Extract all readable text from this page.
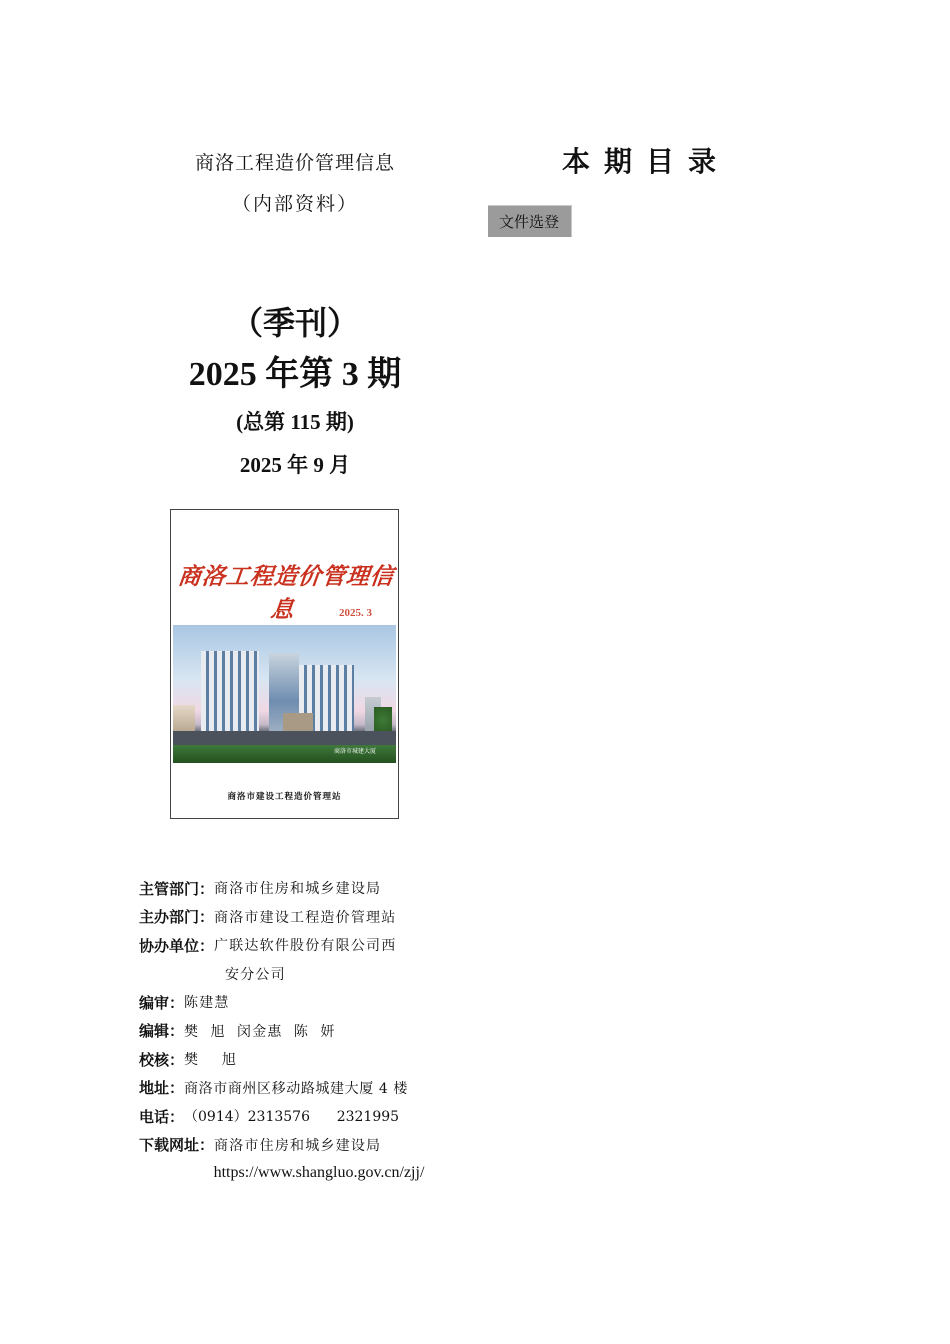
商洛工程造价管理信息
（内部资料）
（季刊）
2025 年第 3 期
(总第 115 期)
2025 年 9 月
商洛工程造价管理信息	2025. 3
商洛市城建大厦
商洛市建设工程造价管理站
主管部门： 商洛市住房和城乡建设局
主办部门： 商洛市建设工程造价管理站
协办单位： 广联达软件股份有限公司西
安分公司
编审： 陈建慧
编辑： 樊  旭  闵金惠  陈  妍
校核： 樊    旭
地址： 商洛市商州区移动路城建大厦 4 楼
电话： （0914）2313576      2321995
下载网址： 商洛市住房和城乡建设局
https://www.shangluo.gov.cn/zjj/
本期目录
文件选登
